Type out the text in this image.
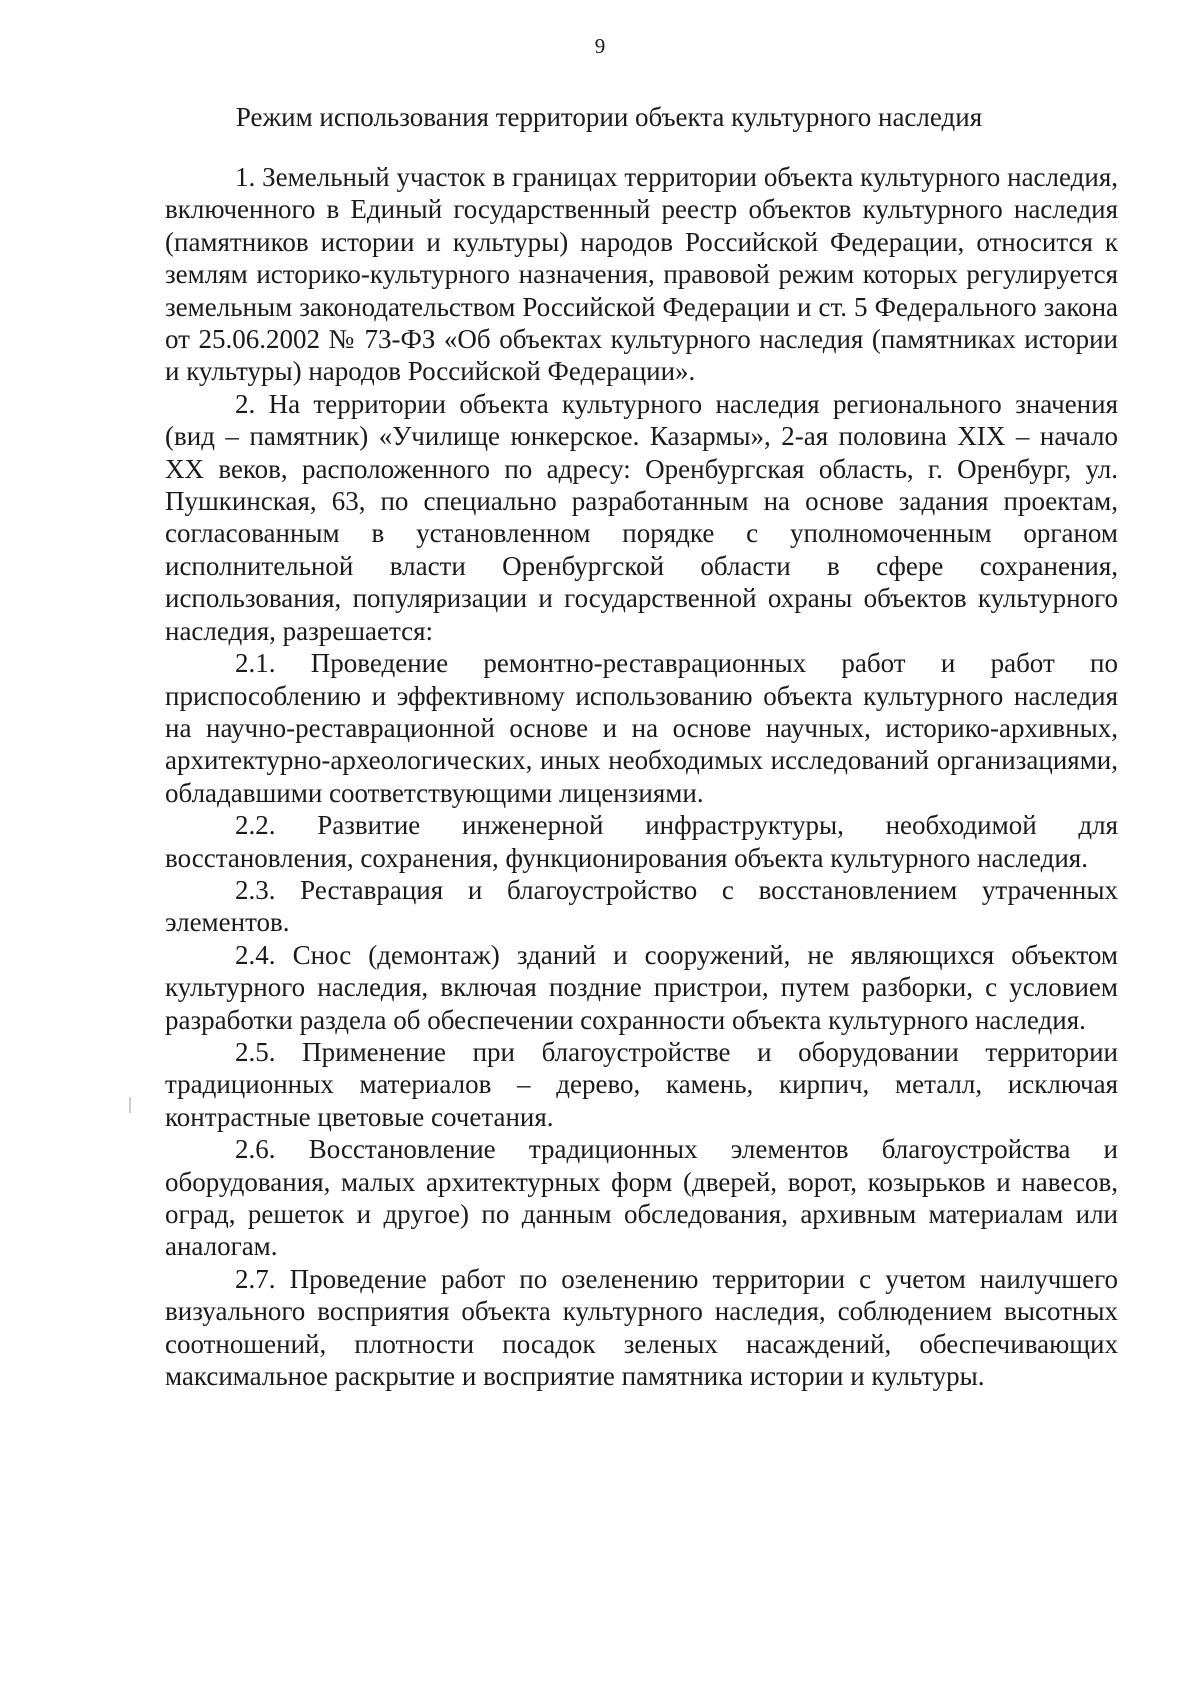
9
Режим использования территории объекта культурного наследия

1. Земельный участок в границах территории объекта культурного наследия, включенного в Единый государственный реестр объектов культурного наследия (памятников истории и культуры) народов Российской Федерации, относится к землям историко-культурного назначения, правовой режим которых регулируется земельным законодательством Российской Федерации и ст. 5 Федерального закона от 25.06.2002 № 73-ФЗ «Об объектах культурного наследия (памятниках истории и культуры) народов Российской Федерации».

2. На территории объекта культурного наследия регионального значения (вид – памятник) «Училище юнкерское. Казармы», 2-ая половина XIX – начало XX веков, расположенного по адресу: Оренбургская область, г. Оренбург, ул. Пушкинская, 63, по специально разработанным на основе задания проектам, согласованным в установленном порядке с уполномоченным органом исполнительной власти Оренбургской области в сфере сохранения, использования, популяризации и государственной охраны объектов культурного наследия, разрешается:

2.1. Проведение ремонтно-реставрационных работ и работ по приспособлению и эффективному использованию объекта культурного наследия на научно-реставрационной основе и на основе научных, историко-архивных, архитектурно-археологических, иных необходимых исследований организациями, обладавшими соответствующими лицензиями.

2.2. Развитие инженерной инфраструктуры, необходимой для восстановления, сохранения, функционирования объекта культурного наследия.

2.3. Реставрация и благоустройство с восстановлением утраченных элементов.

2.4. Снос (демонтаж) зданий и сооружений, не являющихся объектом культурного наследия, включая поздние пристрои, путем разборки, с условием разработки раздела об обеспечении сохранности объекта культурного наследия.

2.5. Применение при благоустройстве и оборудовании территории традиционных материалов – дерево, камень, кирпич, металл, исключая контрастные цветовые сочетания.

2.6. Восстановление традиционных элементов благоустройства и оборудования, малых архитектурных форм (дверей, ворот, козырьков и навесов, оград, решеток и другое) по данным обследования, архивным материалам или аналогам.

2.7. Проведение работ по озеленению территории с учетом наилучшего визуального восприятия объекта культурного наследия, соблюдением высотных соотношений, плотности посадок зеленых насаждений, обеспечивающих максимальное раскрытие и восприятие памятника истории и культуры.
